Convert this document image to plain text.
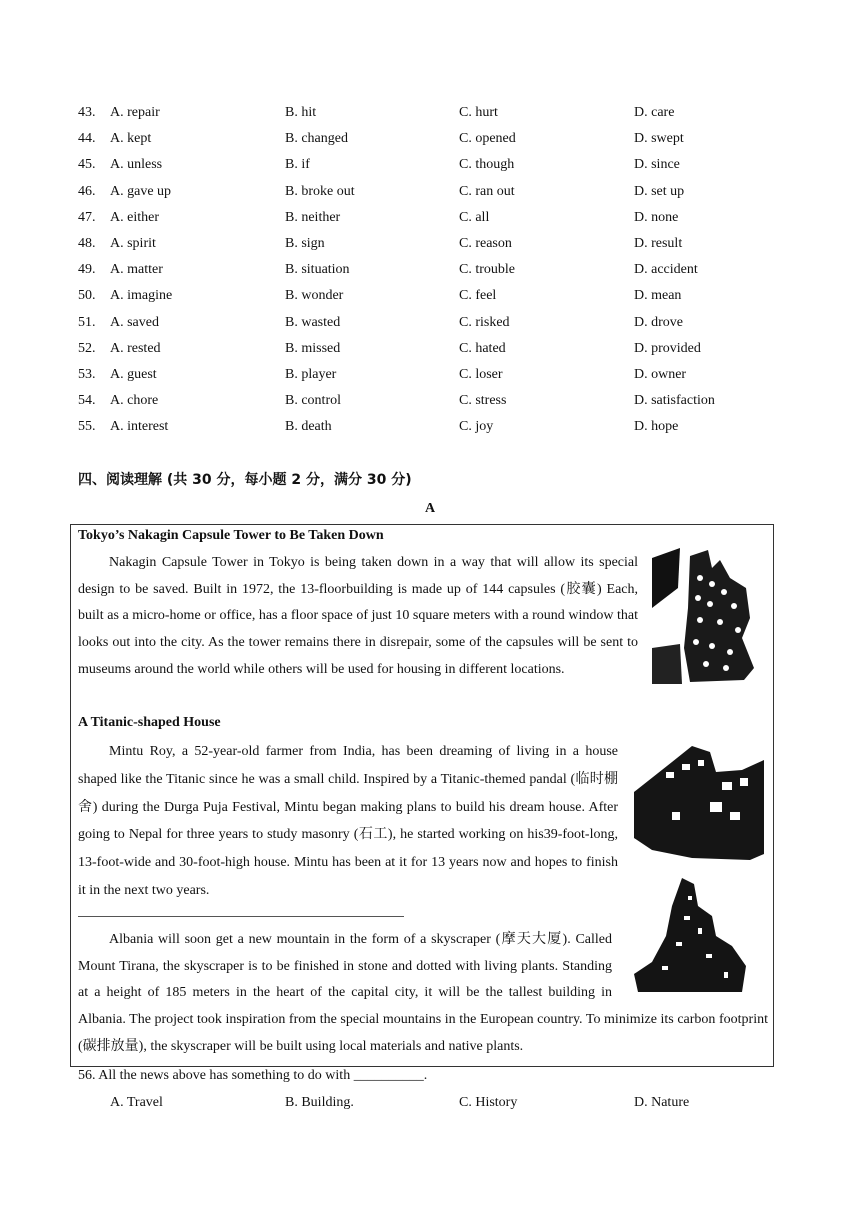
43. A. repair	B. hit	C. hurt	D. care
44. A. kept	B. changed	C. opened	D. swept
45. A. unless	B. if	C. though	D. since
46. A. gave up	B. broke out	C. ran out	D. set up
47. A. either	B. neither	C. all	D. none
48. A. spirit	B. sign	C. reason	D. result
49. A. matter	B. situation	C. trouble	D. accident
50. A. imagine	B. wonder	C. feel	D. mean
51. A. saved	B. wasted	C. risked	D. drove
52. A. rested	B. missed	C. hated	D. provided
53. A. guest	B. player	C. loser	D. owner
54. A. chore	B. control	C. stress	D. satisfaction
55. A. interest	B. death	C. joy	D. hope
四、阅读理解 (共 30 分，每小题 2 分，满分 30 分)
A
Tokyo’s Nakagin Capsule Tower to Be Taken Down
Nakagin Capsule Tower in Tokyo is being taken down in a way that will allow its special design to be saved. Built in 1972, the 13-floorbuilding is made up of 144 capsules (胶囊) Each, built as a micro-home or office, has a floor space of just 10 square meters with a round window that looks out into the city. As the tower remains there in disrepair, some of the capsules will be sent to museums around the world while others will be used for housing in different locations.
A Titanic-shaped House
Mintu Roy, a 52-year-old farmer from India, has been dreaming of living in a house shaped like the Titanic since he was a small child. Inspired by a Titanic-themed pandal (临时棚舍) during the Durga Puja Festival, Mintu began making plans to build his dream house. After going to Nepal for three years to study masonry (石工), he started working on his39-foot-long, 13-foot-wide and 30-foot-high house. Mintu has been at it for 13 years now and hopes to finish it in the next two years.
Albania will soon get a new mountain in the form of a skyscraper (摩天大厦). Called Mount Tirana, the skyscraper is to be finished in stone and dotted with living plants. Standing at a height of 185 meters in the heart of the capital city, it will be the tallest building in Albania. The project took inspiration from the special mountains in the European country. To minimize its carbon footprint (碳排放量), the skyscraper will be built using local materials and native plants.
56. All the news above has something to do with __________.
A. Travel	B. Building.	C. History	D. Nature
